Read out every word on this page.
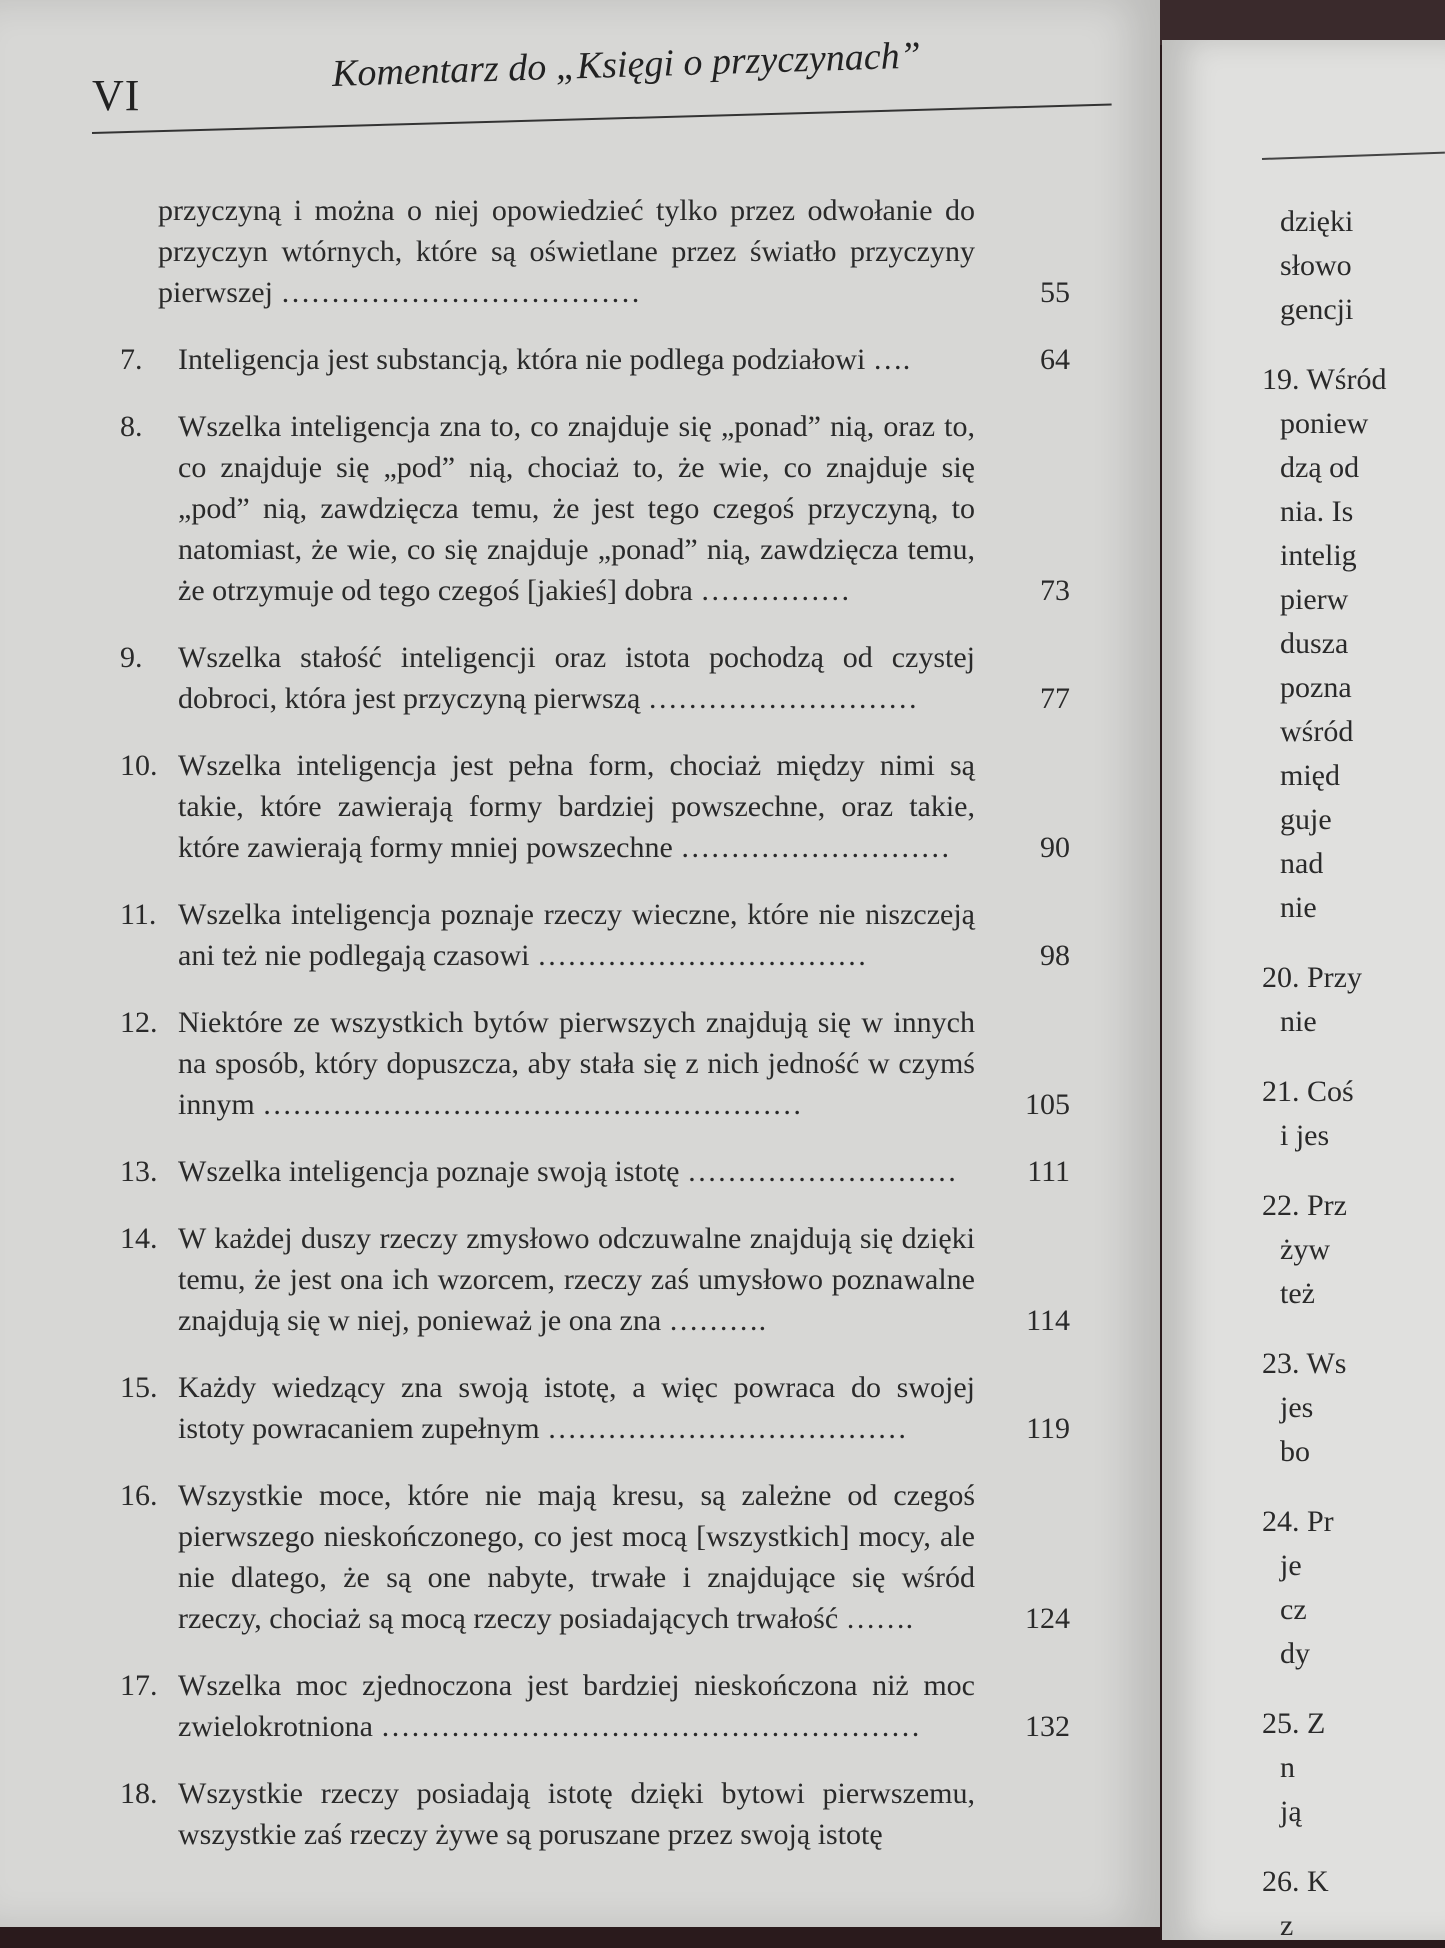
VI
Komentarz do „Księgi o przyczynach”
przyczyną i można o niej opowiedzieć tylko przez odwołanie do przyczyn wtórnych, które są oświetlane przez światło przyczyny pierwszej ………………………………	55
7. Inteligencja jest substancją, która nie podlega podziałowi ….	64
8. Wszelka inteligencja zna to, co znajduje się „ponad” nią, oraz to, co znajduje się „pod” nią, chociaż to, że wie, co znajduje się „pod” nią, zawdzięcza temu, że jest tego czegoś przyczyną, to natomiast, że wie, co się znajduje „ponad” nią, zawdzięcza temu, że otrzymuje od tego czegoś [jakieś] dobra ……………	73
9. Wszelka stałość inteligencji oraz istota pochodzą od czystej dobroci, która jest przyczyną pierwszą ………………………	77
10. Wszelka inteligencja jest pełna form, chociaż między nimi są takie, które zawierają formy bardziej powszechne, oraz takie, które zawierają formy mniej powszechne ………………………	90
11. Wszelka inteligencja poznaje rzeczy wieczne, które nie niszczeją ani też nie podlegają czasowi ……………………………	98
12. Niektóre ze wszystkich bytów pierwszych znajdują się w innych na sposób, który dopuszcza, aby stała się z nich jedność w czymś innym ………………………………………………	105
13. Wszelka inteligencja poznaje swoją istotę ………………………	111
14. W każdej duszy rzeczy zmysłowo odczuwalne znajdują się dzięki temu, że jest ona ich wzorcem, rzeczy zaś umysłowo poznawalne znajdują się w niej, ponieważ je ona zna ……….	114
15. Każdy wiedzący zna swoją istotę, a więc powraca do swojej istoty powracaniem zupełnym ………………………………	119
16. Wszystkie moce, które nie mają kresu, są zależne od czegoś pierwszego nieskończonego, co jest mocą [wszystkich] mocy, ale nie dlatego, że są one nabyte, trwałe i znajdujące się wśród rzeczy, chociaż są mocą rzeczy posiadających trwałość …….	124
17. Wszelka moc zjednoczona jest bardziej nieskończona niż moc zwielokrotniona ………………………………………………	132
18. Wszystkie rzeczy posiadają istotę dzięki bytowi pierwszemu, wszystkie zaś rzeczy żywe są poruszane przez swoją istotę
dzięki
słowo
gencji
19. Wśród
poniew
dzą od
nia. Is
intelig
pierw
dusza
pozna
wśród
międ
guje
nad
nie
20. Przy
nie
21. Coś
i jes
22. Prz
żyw
też
23. Ws
jes
bo
24. Pr
je
cz
dy
25. Z
n
ją
26. K
z
